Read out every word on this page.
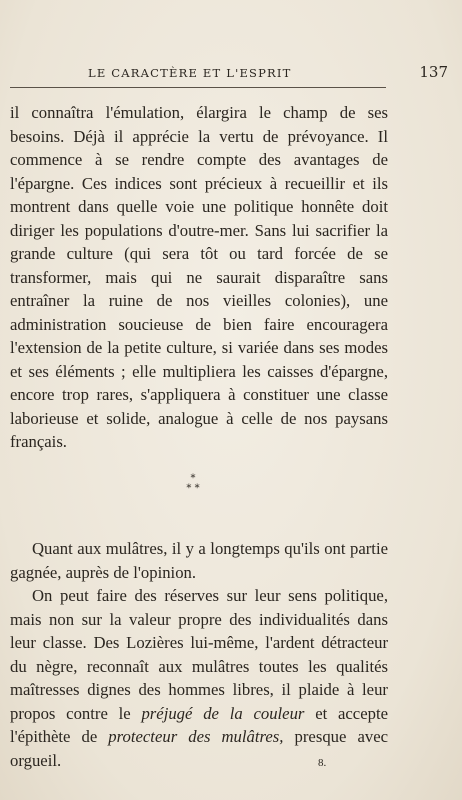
LE CARACTÈRE ET L'ESPRIT	137

il connaîtra l'émulation, élargira le champ de ses besoins. Déjà il apprécie la vertu de prévoyance. Il commence à se rendre compte des avantages de l'épargne. Ces indices sont précieux à recueillir et ils montrent dans quelle voie une politique honnête doit diriger les populations d'outre-mer. Sans lui sacrifier la grande culture (qui sera tôt ou tard forcée de se transformer, mais qui ne saurait disparaître sans entraîner la ruine de nos vieilles colonies), une administration soucieuse de bien faire encouragera l'extension de la petite culture, si variée dans ses modes et ses éléments ; elle multipliera les caisses d'épargne, encore trop rares, s'appliquera à constituer une classe laborieuse et solide, analogue à celle de nos paysans français.

*
* *

Quant aux mulâtres, il y a longtemps qu'ils ont partie gagnée, auprès de l'opinion.

On peut faire des réserves sur leur sens politique, mais non sur la valeur propre des individualités dans leur classe. Des Lozières lui-même, l'ardent détracteur du nègre, reconnaît aux mulâtres toutes les qualités maîtresses dignes des hommes libres, il plaide à leur propos contre le préjugé de la couleur et accepte l'épithète de protecteur des mulâtres, presque avec orgueil.	8.
